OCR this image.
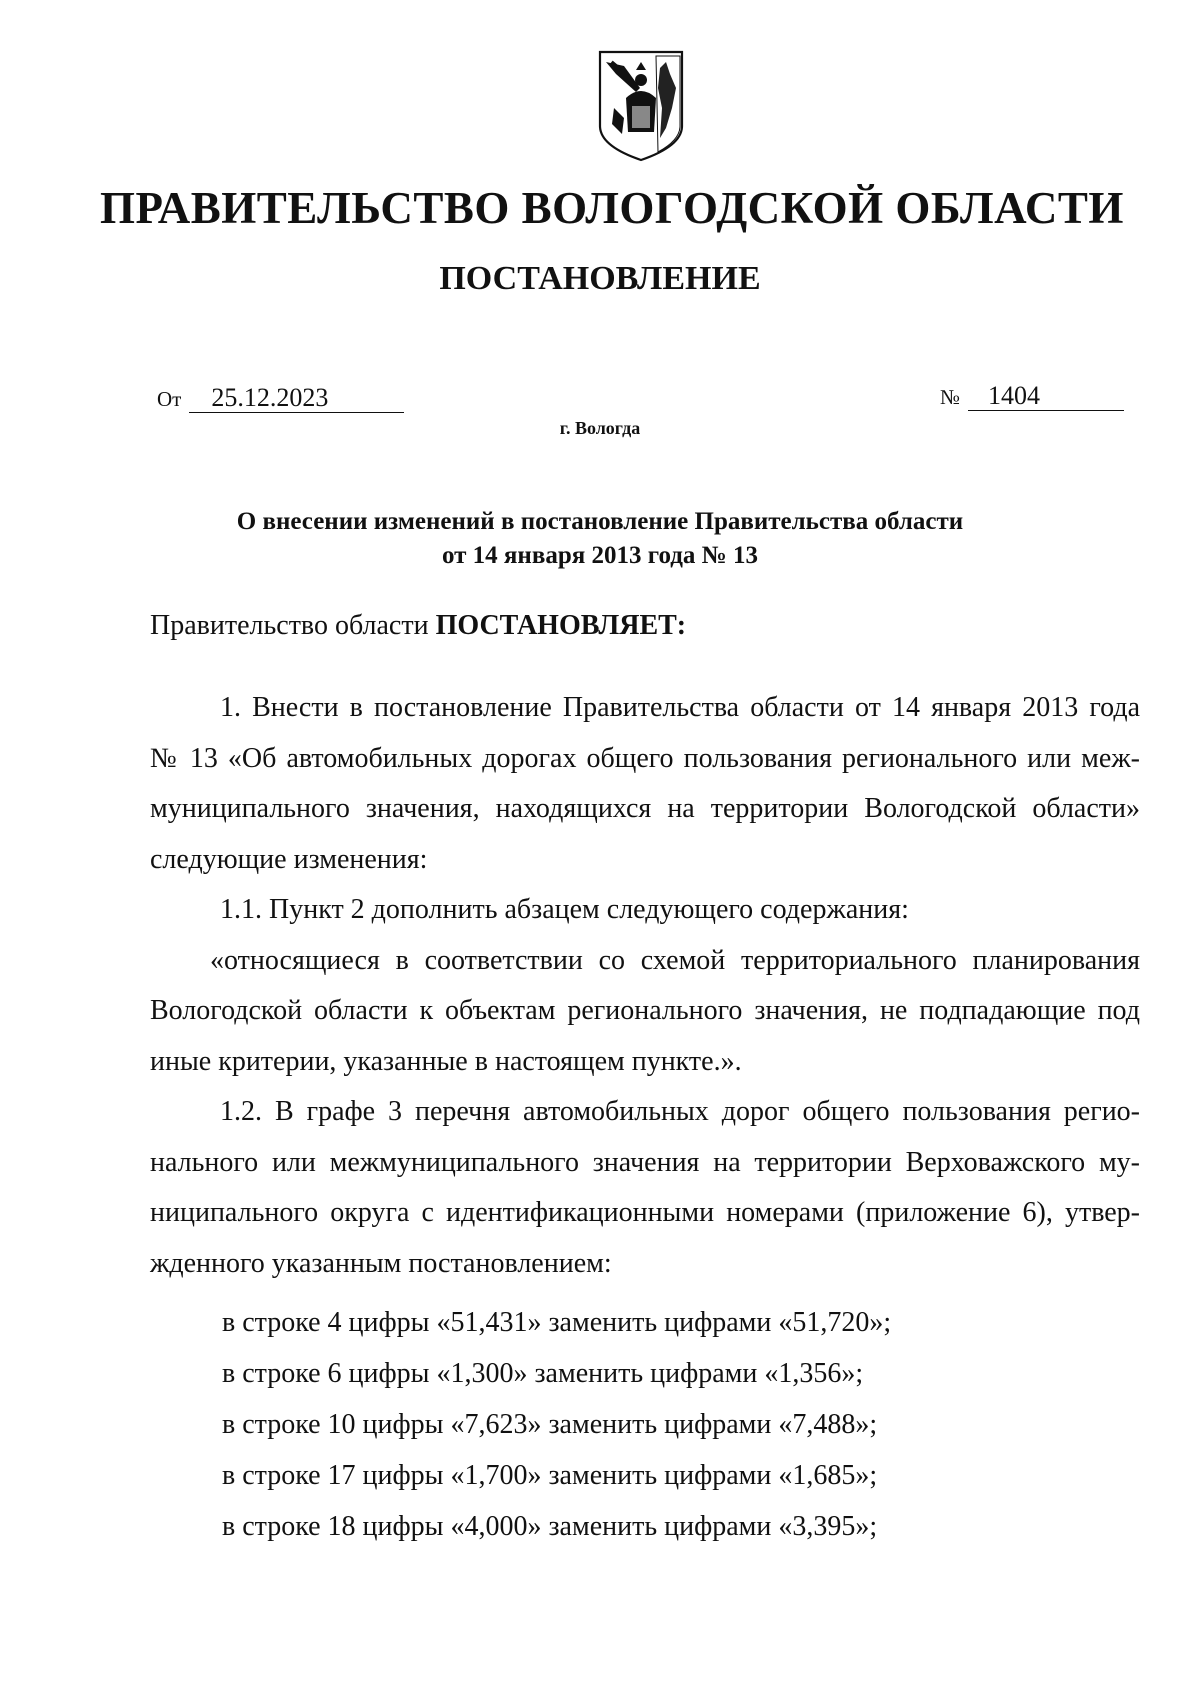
ПРАВИТЕЛЬСТВО ВОЛОГОДСКОЙ ОБЛАСТИ
ПОСТАНОВЛЕНИЕ
От 25.12.2023	№ 1404
г. Вологда
О внесении изменений в постановление Правительства области
от 14 января 2013 года № 13
Правительство области ПОСТАНОВЛЯЕТ:

1. Внести в постановление Правительства области от 14 января 2013 года

№ 13 «Об автомобильных дорогах общего пользования регионального или меж-

муниципального значения, находящихся на территории Вологодской области»

следующие изменения:

1.1. Пункт 2 дополнить абзацем следующего содержания:

«относящиеся в соответствии со схемой территориального планирования

Вологодской области к объектам регионального значения, не подпадающие под

иные критерии, указанные в настоящем пункте.».

1.2. В графе 3 перечня автомобильных дорог общего пользования регио-

нального или межмуниципального значения на территории Верховажского му-

ниципального округа с идентификационными номерами (приложение 6), утвер-

жденного указанным постановлением:

в строке 4 цифры «51,431» заменить цифрами «51,720»;
в строке 6 цифры «1,300» заменить цифрами «1,356»;
в строке 10 цифры «7,623» заменить цифрами «7,488»;
в строке 17 цифры «1,700» заменить цифрами «1,685»;
в строке 18 цифры «4,000» заменить цифрами «3,395»;
